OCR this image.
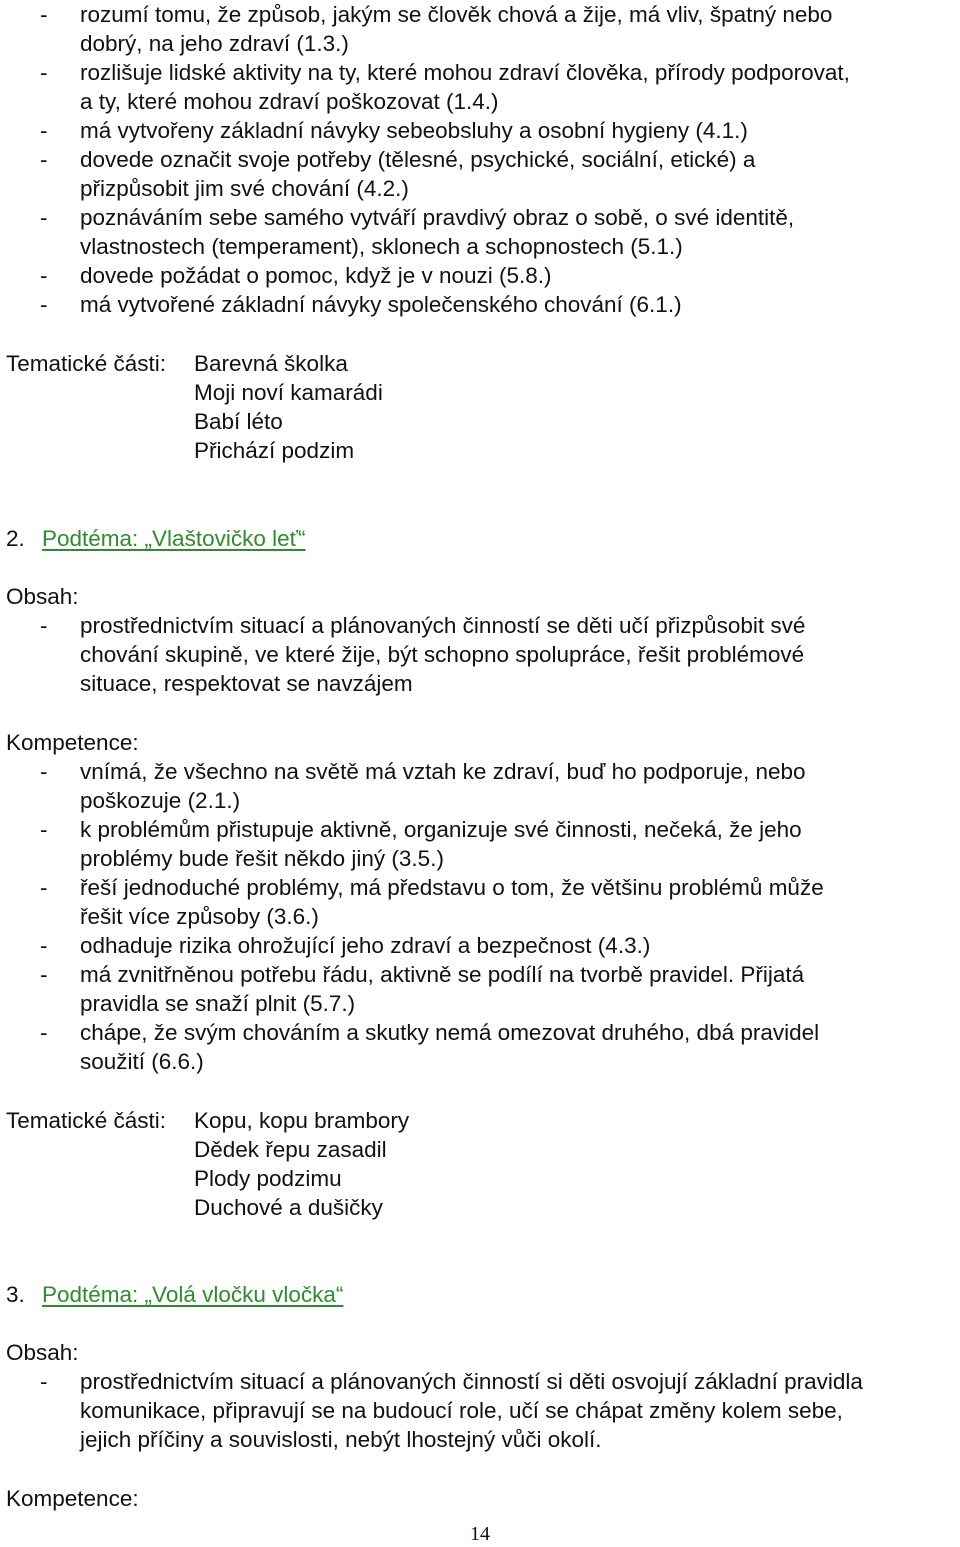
- rozumí tomu, že způsob, jakým se člověk chová a žije, má vliv, špatný nebo
dobrý, na jeho zdraví (1.3.)
- rozlišuje lidské aktivity na ty, které mohou zdraví člověka, přírody podporovat,
a ty, které mohou zdraví poškozovat (1.4.)
- má vytvořeny základní návyky sebeobsluhy a osobní hygieny (4.1.)
- dovede označit svoje potřeby (tělesné, psychické, sociální, etické) a
přizpůsobit jim své chování (4.2.)
- poznáváním sebe samého vytváří pravdivý obraz o sobě, o své identitě,
vlastnostech (temperament), sklonech a schopnostech (5.1.)
- dovede požádat o pomoc, když je v nouzi (5.8.)
- má vytvořené základní návyky společenského chování (6.1.)
Tematické části: Barevná školka
Moji noví kamarádi
Babí léto
Přichází podzim
2. Podtéma: „Vlaštovičko leť“
Obsah:
- prostřednictvím situací a plánovaných činností se děti učí přizpůsobit své
chování skupině, ve které žije, být schopno spolupráce, řešit problémové
situace, respektovat se navzájem
Kompetence:
- vnímá, že všechno na světě má vztah ke zdraví, buď ho podporuje, nebo
poškozuje (2.1.)
- k problémům přistupuje aktivně, organizuje své činnosti, nečeká, že jeho
problémy bude řešit někdo jiný (3.5.)
- řeší jednoduché problémy, má představu o tom, že většinu problémů může
řešit více způsoby (3.6.)
- odhaduje rizika ohrožující jeho zdraví a bezpečnost (4.3.)
- má zvnitřněnou potřebu řádu, aktivně se podílí na tvorbě pravidel. Přijatá
pravidla se snaží plnit (5.7.)
- chápe, že svým chováním a skutky nemá omezovat druhého, dbá pravidel
soužití (6.6.)
Tematické části: Kopu, kopu brambory
Dědek řepu zasadil
Plody podzimu
Duchové a dušičky
3. Podtéma: „Volá vločku vločka“
Obsah:
- prostřednictvím situací a plánovaných činností si děti osvojují základní pravidla
komunikace, připravují se na budoucí role, učí se chápat změny kolem sebe,
jejich příčiny a souvislosti, nebýt lhostejný vůči okolí.
Kompetence:
14
